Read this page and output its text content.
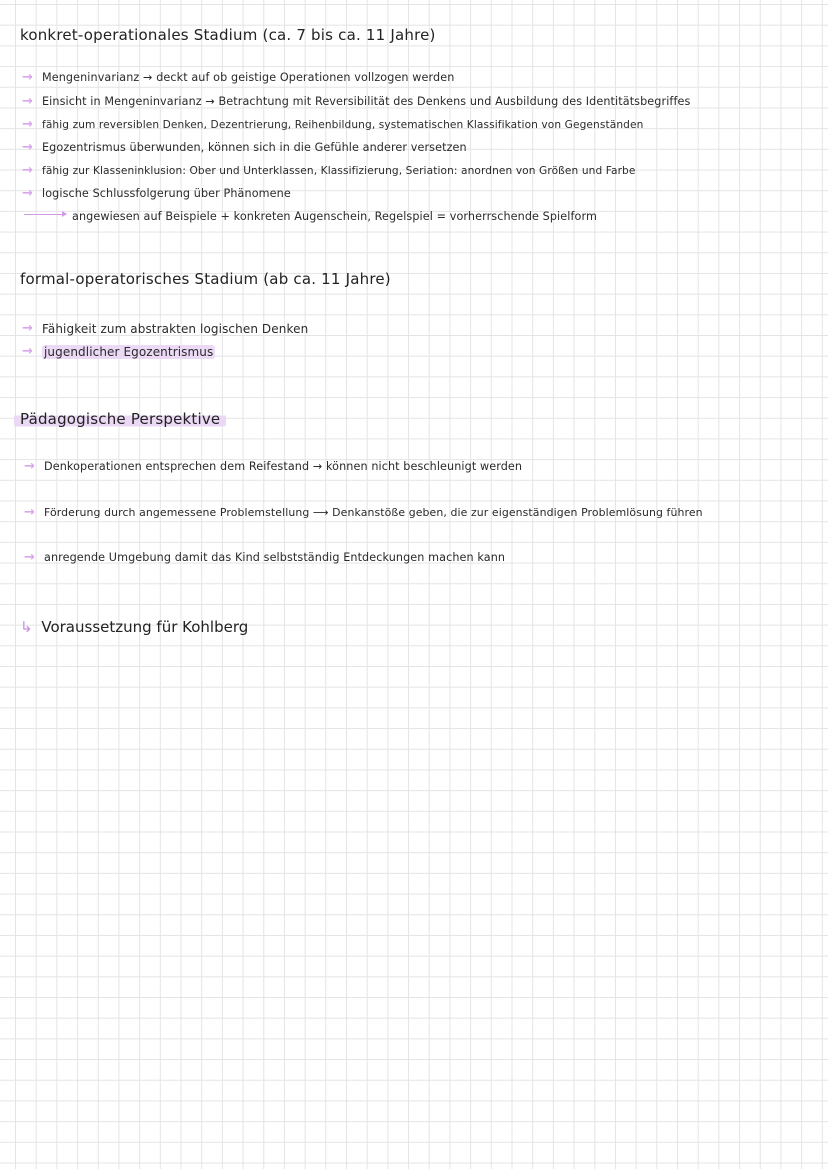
konkret-operationales Stadium (ca. 7 bis ca. 11 Jahre)
→ Mengeninvarianz → deckt auf ob geistige Operationen vollzogen werden
→ Einsicht in Mengeninvarianz → Betrachtung mit Reversibilität des Denkens und Ausbildung des Identitätsbegriffes
→ fähig zum reversiblen Denken, Dezentrierung, Reihenbildung, systematischen Klassifikation von Gegenständen
→ Egozentrismus überwunden, können sich in die Gefühle anderer versetzen
→ fähig zur Klasseninklusion: Ober und Unterklassen, Klassifizierung, Seriation: anordnen von Größen und Farbe
→ logische Schlussfolgerung über Phänomene
angewiesen auf Beispiele + konkreten Augenschein, Regelspiel = vorherrschende Spielform
formal-operatorisches Stadium (ab ca. 11 Jahre)
→ Fähigkeit zum abstrakten logischen Denken
→ jugendlicher Egozentrismus
Pädagogische Perspektive
→ Denkoperationen entsprechen dem Reifestand → können nicht beschleunigt werden
→ Förderung durch angemessene Problemstellung ⟶ Denkanstöße geben, die zur eigenständigen Problemlösung führen
→ anregende Umgebung damit das Kind selbstständig Entdeckungen machen kann
↳ Voraussetzung für Kohlberg
